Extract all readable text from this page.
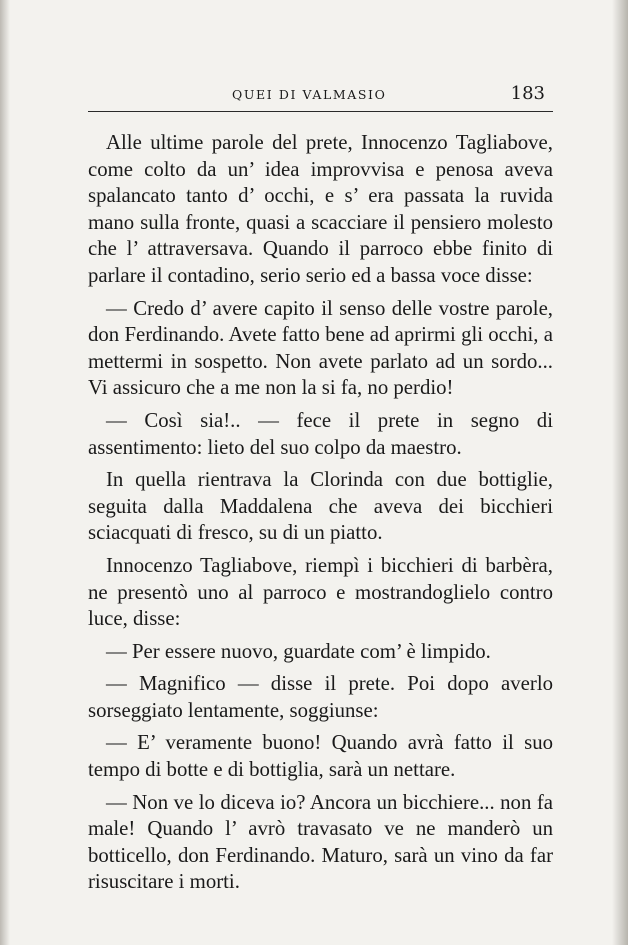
QUEI DI VALMASIO	183

Alle ultime parole del prete, Innocenzo Tagliabove, come colto da un’ idea improvvisa e penosa aveva spalancato tanto d’ occhi, e s’ era passata la ruvida mano sulla fronte, quasi a scacciare il pensiero molesto che l’ attraversava. Quando il parroco ebbe finito di parlare il contadino, serio serio ed a bassa voce disse:

— Credo d’ avere capito il senso delle vostre parole, don Ferdinando. Avete fatto bene ad aprirmi gli occhi, a mettermi in sospetto. Non avete parlato ad un sordo... Vi assicuro che a me non la si fa, no perdio!

— Così sia!.. — fece il prete in segno di assentimento: lieto del suo colpo da maestro.

In quella rientrava la Clorinda con due bottiglie, seguita dalla Maddalena che aveva dei bicchieri sciacquati di fresco, su di un piatto.

Innocenzo Tagliabove, riempì i bicchieri di barbèra, ne presentò uno al parroco e mostrandoglielo contro luce, disse:

— Per essere nuovo, guardate com’ è limpido.

— Magnifico — disse il prete. Poi dopo averlo sorseggiato lentamente, soggiunse:

— E’ veramente buono! Quando avrà fatto il suo tempo di botte e di bottiglia, sarà un nettare.

— Non ve lo diceva io? Ancora un bicchiere... non fa male! Quando l’ avrò travasato ve ne manderò un botticello, don Ferdinando. Maturo, sarà un vino da far risuscitare i morti.
